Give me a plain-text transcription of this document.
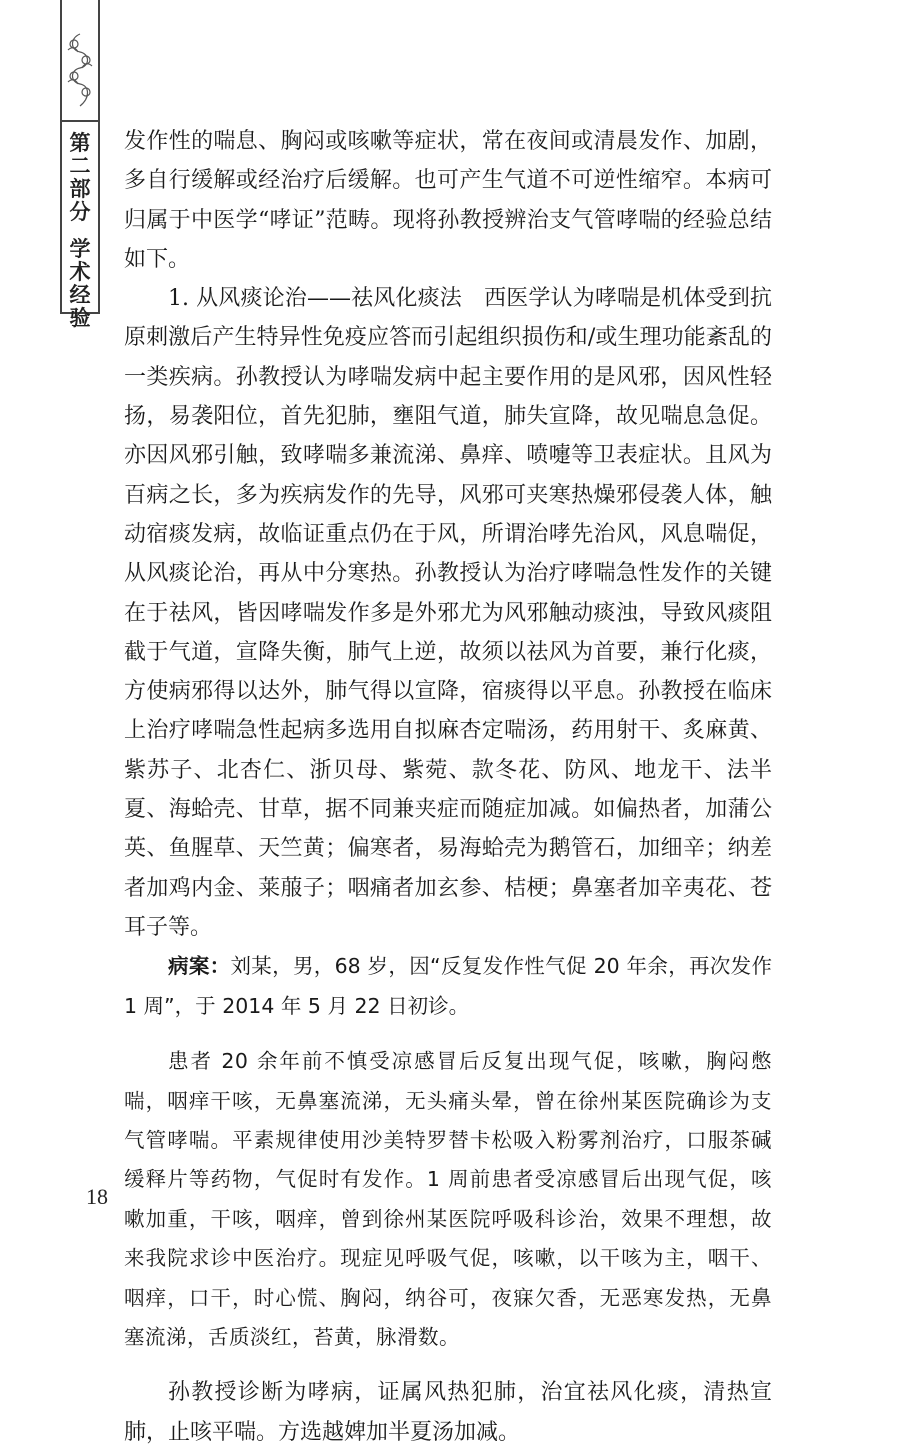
第二部分
学术经验

发作性的喘息、胸闷或咳嗽等症状，常在夜间或清晨发作、加剧，多自行缓解或经治疗后缓解。也可产生气道不可逆性缩窄。本病可归属于中医学“哮证”范畴。现将孙教授辨治支气管哮喘的经验总结如下。

1. 从风痰论治——祛风化痰法　西医学认为哮喘是机体受到抗原刺激后产生特异性免疫应答而引起组织损伤和/或生理功能紊乱的一类疾病。孙教授认为哮喘发病中起主要作用的是风邪，因风性轻扬，易袭阳位，首先犯肺，壅阻气道，肺失宣降，故见喘息急促。亦因风邪引触，致哮喘多兼流涕、鼻痒、喷嚏等卫表症状。且风为百病之长，多为疾病发作的先导，风邪可夹寒热燥邪侵袭人体，触动宿痰发病，故临证重点仍在于风，所谓治哮先治风，风息喘促，从风痰论治，再从中分寒热。孙教授认为治疗哮喘急性发作的关键在于祛风，皆因哮喘发作多是外邪尤为风邪触动痰浊，导致风痰阻截于气道，宣降失衡，肺气上逆，故须以祛风为首要，兼行化痰，方使病邪得以达外，肺气得以宣降，宿痰得以平息。孙教授在临床上治疗哮喘急性起病多选用自拟麻杏定喘汤，药用射干、炙麻黄、紫苏子、北杏仁、浙贝母、紫菀、款冬花、防风、地龙干、法半夏、海蛤壳、甘草，据不同兼夹症而随症加减。如偏热者，加蒲公英、鱼腥草、天竺黄；偏寒者，易海蛤壳为鹅管石，加细辛；纳差者加鸡内金、莱菔子；咽痛者加玄参、桔梗；鼻塞者加辛夷花、苍耳子等。

病案：刘某，男，68 岁，因“反复发作性气促 20 年余，再次发作 1 周”，于 2014 年 5 月 22 日初诊。

患者 20 余年前不慎受凉感冒后反复出现气促，咳嗽，胸闷憋喘，咽痒干咳，无鼻塞流涕，无头痛头晕，曾在徐州某医院确诊为支气管哮喘。平素规律使用沙美特罗替卡松吸入粉雾剂治疗，口服茶碱缓释片等药物，气促时有发作。1 周前患者受凉感冒后出现气促，咳嗽加重，干咳，咽痒，曾到徐州某医院呼吸科诊治，效果不理想，故来我院求诊中医治疗。现症见呼吸气促，咳嗽，以干咳为主，咽干、咽痒，口干，时心慌、胸闷，纳谷可，夜寐欠香，无恶寒发热，无鼻塞流涕，舌质淡红，苔黄，脉滑数。

孙教授诊断为哮病，证属风热犯肺，治宜祛风化痰，清热宣肺，止咳平喘。方选越婢加半夏汤加减。

18
